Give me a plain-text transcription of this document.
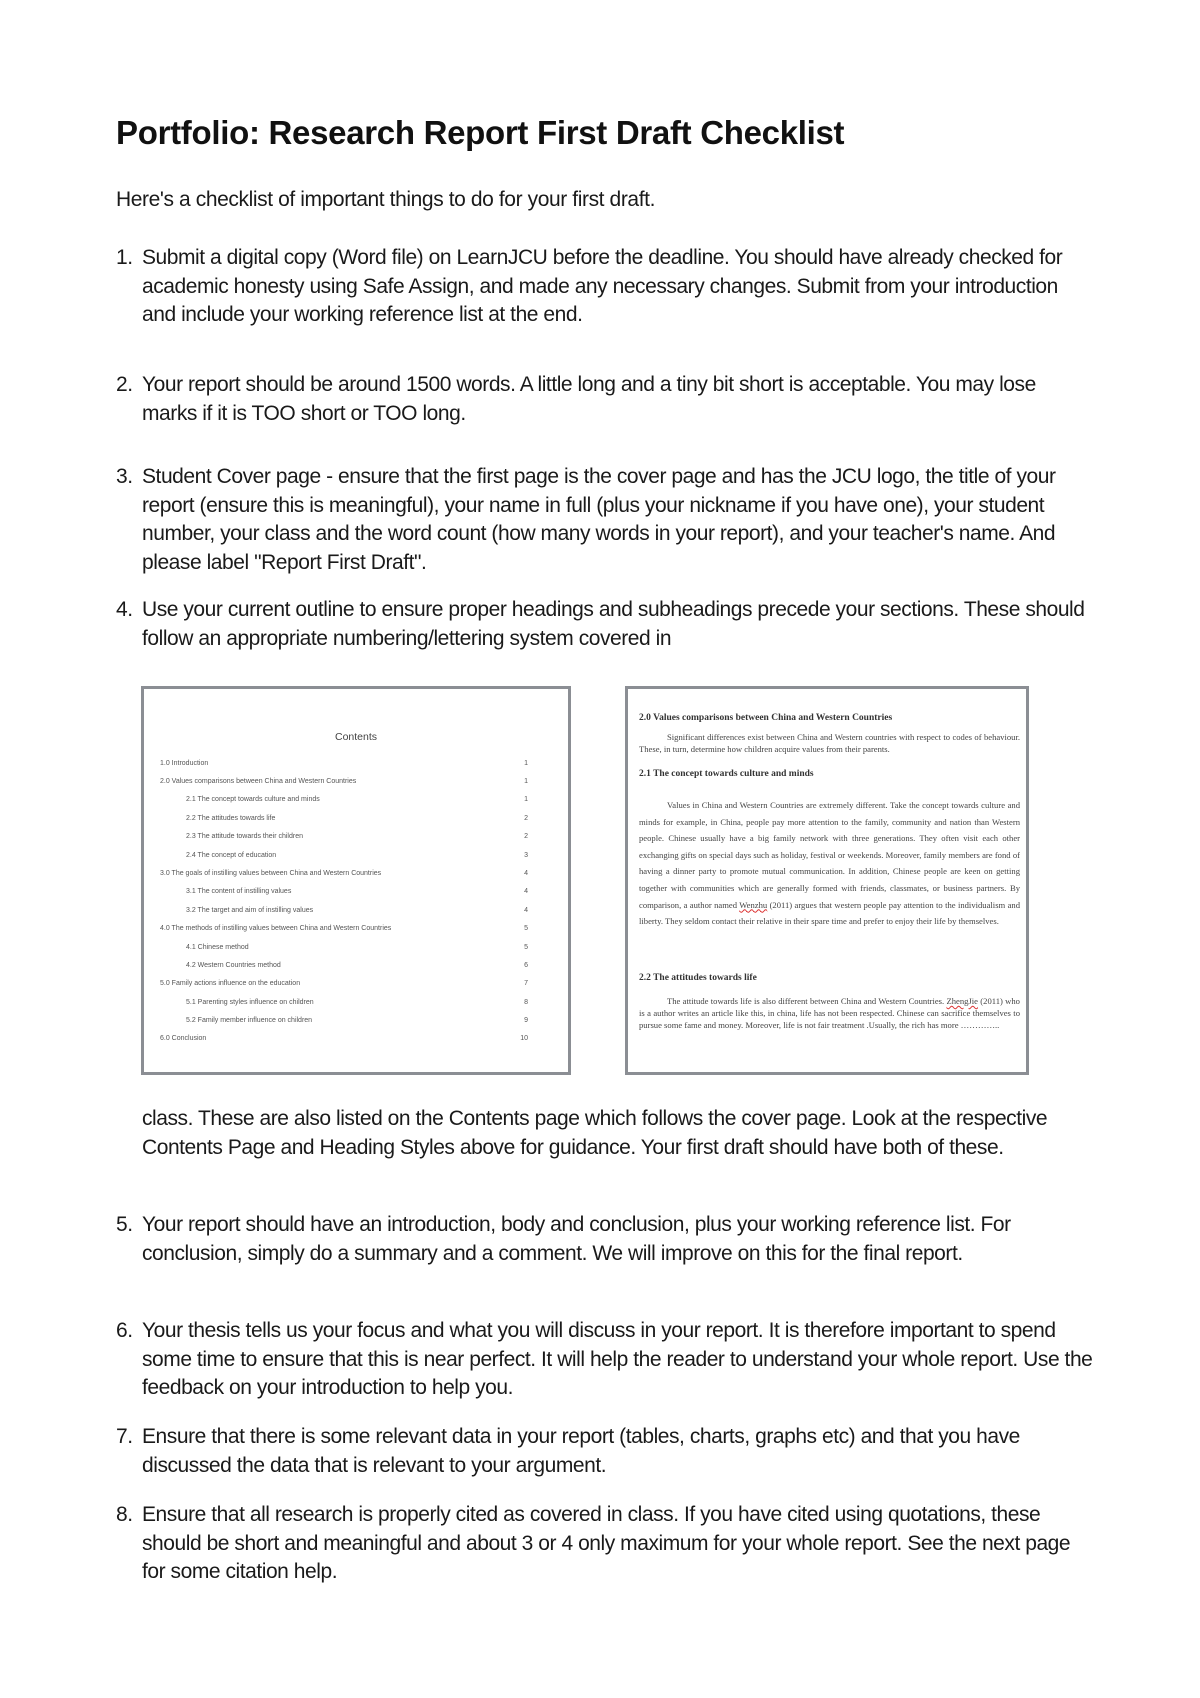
Portfolio: Research Report First Draft Checklist

Here's a checklist of important things to do for your first draft.

1. Submit a digital copy (Word file) on LearnJCU before the deadline. You should have already checked for academic honesty using Safe Assign, and made any necessary changes. Submit from your introduction and include your working reference list at the end.
2. Your report should be around 1500 words. A little long and a tiny bit short is acceptable. You may lose marks if it is TOO short or TOO long.
3. Student Cover page - ensure that the first page is the cover page and has the JCU logo, the title of your report (ensure this is meaningful), your name in full (plus your nickname if you have one), your student number, your class and the word count (how many words in your report), and your teacher's name. And please label "Report First Draft".
4. Use your current outline to ensure proper headings and subheadings precede your sections. These should follow an appropriate numbering/lettering system covered in
Contents
1.0 Introduction	1
2.0 Values comparisons between China and Western Countries	1
2.1 The concept towards culture and minds	1
2.2 The attitudes towards life	2
2.3 The attitude towards their children	2
2.4 The concept of education	3
3.0 The goals of instilling values between China and Western Countries	4
3.1 The content of instilling values	4
3.2 The target and aim of instilling values	4
4.0 The methods of instilling values between China and Western Countries	5
4.1 Chinese method	5
4.2 Western Countries method	6
5.0 Family actions influence on the education	7
5.1 Parenting styles influence on children	8
5.2 Family member influence on children	9
6.0 Conclusion	10
2.0 Values comparisons between China and Western Countries
Significant differences exist between China and Western countries with respect to codes of behaviour. These, in turn, determine how children acquire values from their parents.
2.1 The concept towards culture and minds
Values in China and Western Countries are extremely different. Take the concept towards culture and minds for example, in China, people pay more attention to the family, community and nation than Western people. Chinese usually have a big family network with three generations. They often visit each other exchanging gifts on special days such as holiday, festival or weekends. Moreover, family members are fond of having a dinner party to promote mutual communication. In addition, Chinese people are keen on getting together with communities which are generally formed with friends, classmates, or business partners. By comparison, a author named Wenzhu (2011) argues that western people pay attention to the individualism and liberty. They seldom contact their relative in their spare time and prefer to enjoy their life by themselves.
2.2 The attitudes towards life
The attitude towards life is also different between China and Western Countries. ZhengJie (2011) who is a author writes an article like this, in china, life has not been respected. Chinese can sacrifice themselves to pursue some fame and money. Moreover, life is not fair treatment .Usually, the rich has more …………..
class. These are also listed on the Contents page which follows the cover page. Look at the respective Contents Page and Heading Styles above for guidance. Your first draft should have both of these.
5. Your report should have an introduction, body and conclusion, plus your working reference list. For conclusion, simply do a summary and a comment. We will improve on this for the final report.
6. Your thesis tells us your focus and what you will discuss in your report. It is therefore important to spend some time to ensure that this is near perfect. It will help the reader to understand your whole report. Use the feedback on your introduction to help you.
7. Ensure that there is some relevant data in your report (tables, charts, graphs etc) and that you have discussed the data that is relevant to your argument.
8. Ensure that all research is properly cited as covered in class. If you have cited using quotations, these should be short and meaningful and about 3 or 4 only maximum for your whole report. See the next page for some citation help.
